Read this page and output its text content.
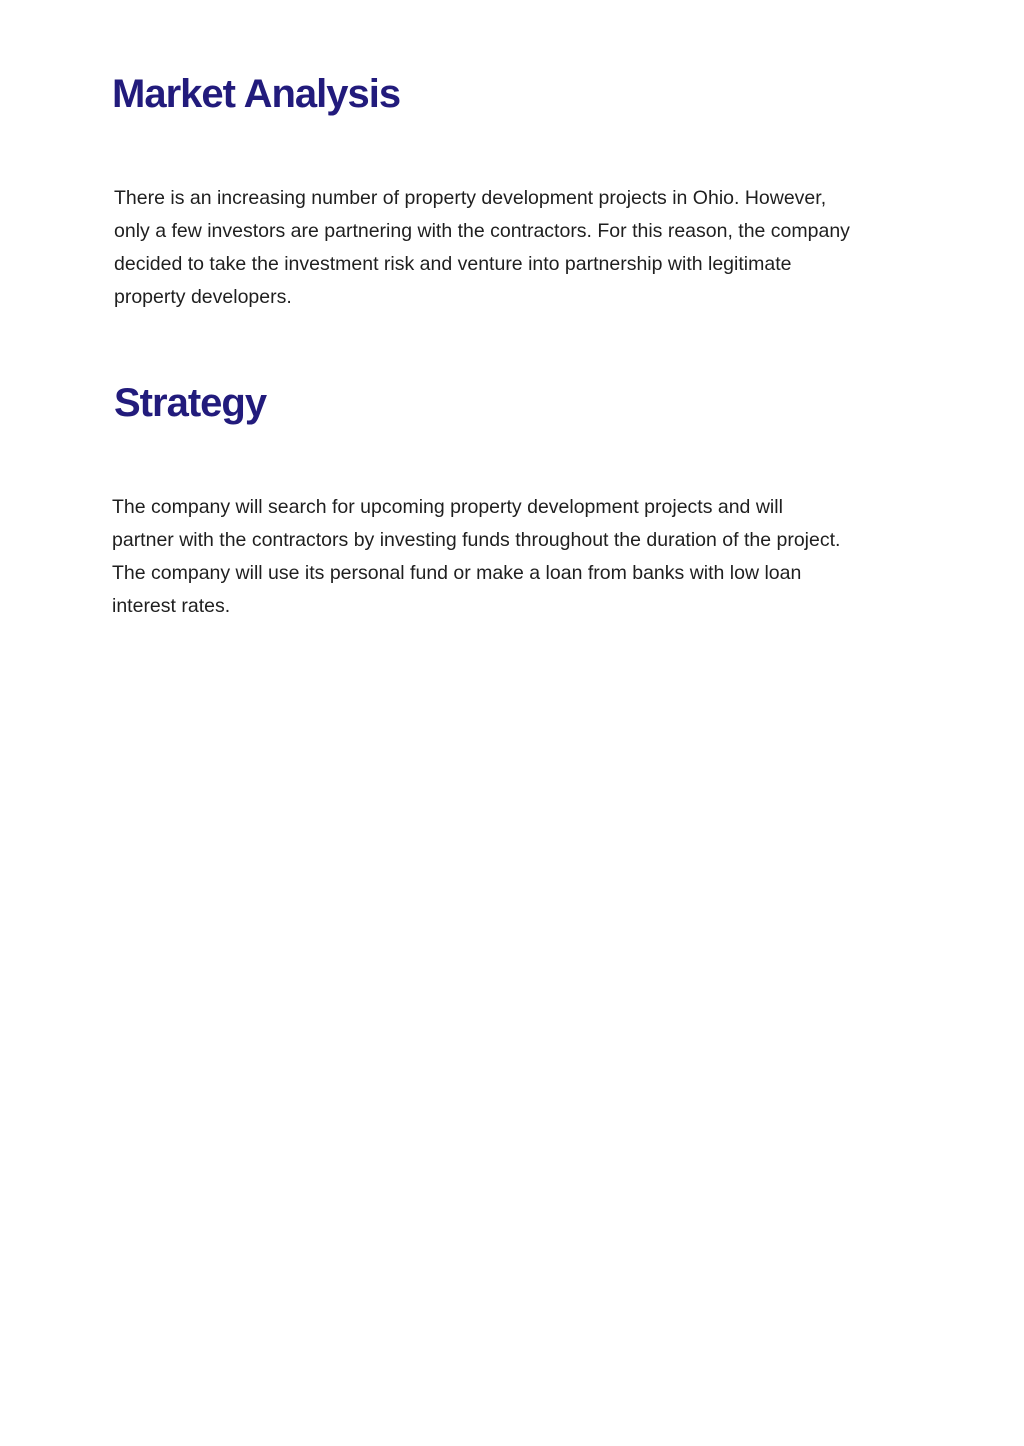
Market Analysis

There is an increasing number of property development projects in Ohio. However,
only a few investors are partnering with the contractors. For this reason, the company
decided to take the investment risk and venture into partnership with legitimate
property developers.

Strategy

The company will search for upcoming property development projects and will
partner with the contractors by investing funds throughout the duration of the project.
The company will use its personal fund or make a loan from banks with low loan
interest rates.
